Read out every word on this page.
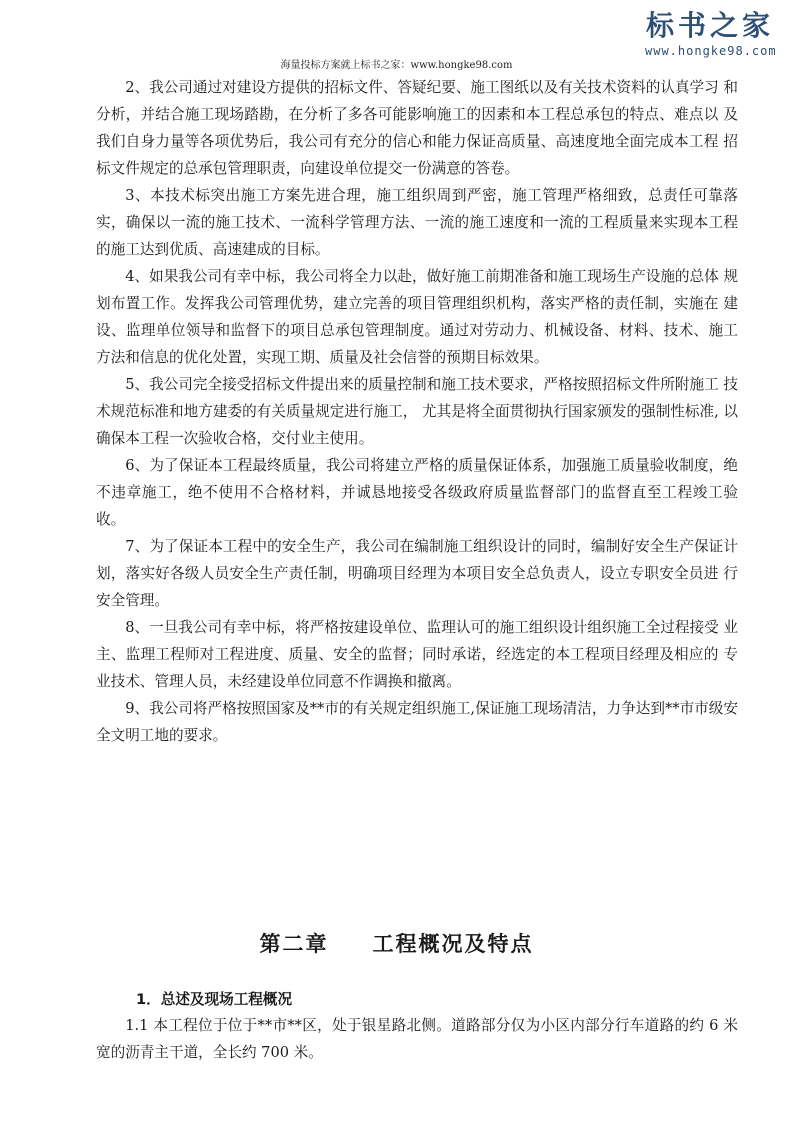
海量投标方案就上标书之家：www.hongke98.com
标书之家
www.hongke98.com

2、我公司通过对建设方提供的招标文件、答疑纪要、施工图纸以及有关技术资料的认真学习 和分析，并结合施工现场踏勘，在分析了多各可能影响施工的因素和本工程总承包的特点、难点以 及我们自身力量等各项优势后，我公司有充分的信心和能力保证高质量、高速度地全面完成本工程 招标文件规定的总承包管理职责，向建设单位提交一份满意的答卷。

3、本技术标突出施工方案先进合理，施工组织周到严密，施工管理严格细致，总责任可靠落实，确保以一流的施工技术、一流科学管理方法、一流的施工速度和一流的工程质量来实现本工程 的施工达到优质、高速建成的目标。

4、如果我公司有幸中标，我公司将全力以赴，做好施工前期准备和施工现场生产设施的总体 规划布置工作。发挥我公司管理优势，建立完善的项目管理组织机构，落实严格的责任制，实施在 建设、监理单位领导和监督下的项目总承包管理制度。通过对劳动力、机械设备、材料、技术、施工方法和信息的优化处置，实现工期、质量及社会信誉的预期目标效果。

5、我公司完全接受招标文件提出来的质量控制和施工技术要求，严格按照招标文件所附施工 技术规范标准和地方建委的有关质量规定进行施工， 尤其是将全面贯彻执行国家颁发的强制性标准, 以确保本工程一次验收合格，交付业主使用。

6、为了保证本工程最终质量，我公司将建立严格的质量保证体系，加强施工质量验收制度，绝不违章施工，绝不使用不合格材料，并诚恳地接受各级政府质量监督部门的监督直至工程竣工验收。

7、为了保证本工程中的安全生产，我公司在编制施工组织设计的同时，编制好安全生产保证计划，落实好各级人员安全生产责任制，明确项目经理为本项目安全总负责人，设立专职安全员进 行安全管理。

8、一旦我公司有幸中标，将严格按建设单位、监理认可的施工组织设计组织施工全过程接受 业主、监理工程师对工程进度、质量、安全的监督；同时承诺，经选定的本工程项目经理及相应的 专业技术、管理人员，未经建设单位同意不作调换和撤离。

9、我公司将严格按照国家及**市的有关规定组织施工,保证施工现场清洁，力争达到**市市级安全文明工地的要求。

第二章 工程概况及特点
1．总述及现场工程概况

1.1 本工程位于位于**市**区，处于银星路北侧。道路部分仅为小区内部分行车道路的约 6 米宽的沥青主干道，全长约 700 米。
